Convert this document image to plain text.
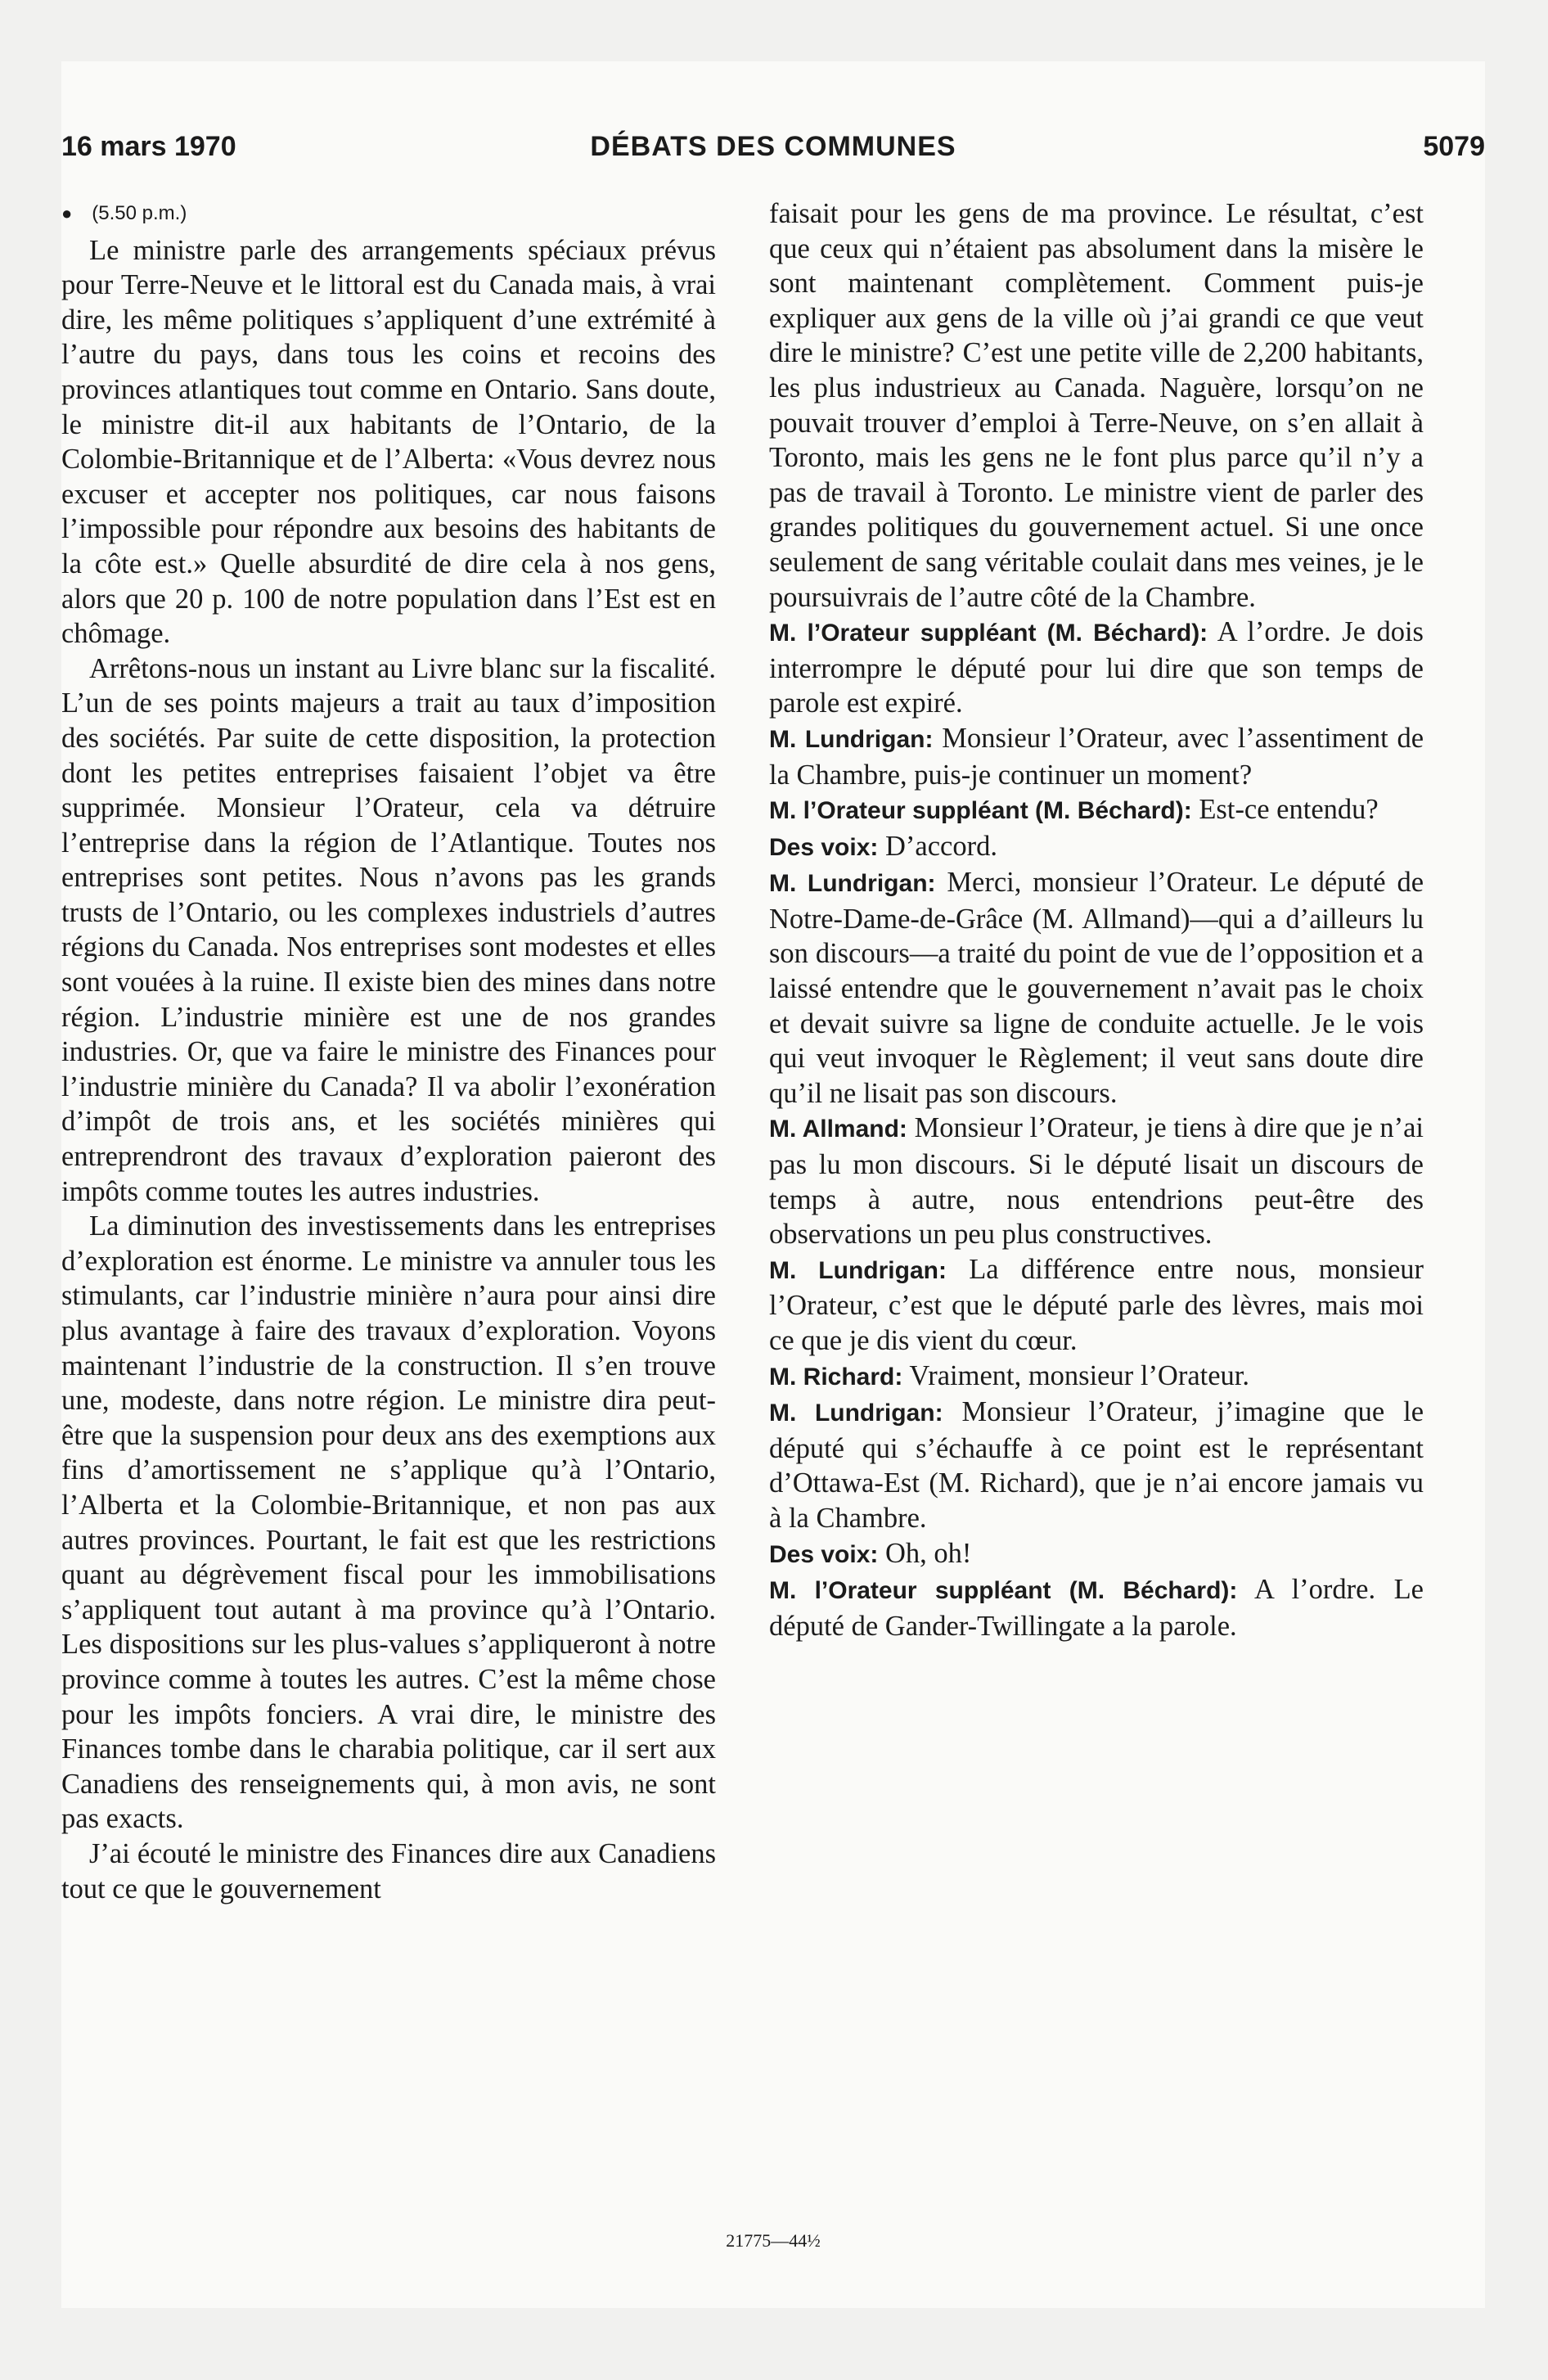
16 mars 1970	DÉBATS DES COMMUNES	5079
● (5.50 p.m.)

Le ministre parle des arrangements spéciaux prévus pour Terre-Neuve et le littoral est du Canada mais, à vrai dire, les même politiques s’appliquent d’une extrémité à l’autre du pays, dans tous les coins et recoins des provinces atlantiques tout comme en Ontario. Sans doute, le ministre dit-il aux habitants de l’Ontario, de la Colombie-Britannique et de l’Alberta: «Vous devrez nous excuser et accepter nos politiques, car nous faisons l’impossible pour répondre aux besoins des habitants de la côte est.» Quelle absurdité de dire cela à nos gens, alors que 20 p. 100 de notre population dans l’Est est en chômage.

Arrêtons-nous un instant au Livre blanc sur la fiscalité. L’un de ses points majeurs a trait au taux d’imposition des sociétés. Par suite de cette disposition, la protection dont les petites entreprises faisaient l’objet va être supprimée. Monsieur l’Orateur, cela va détruire l’entreprise dans la région de l’Atlantique. Toutes nos entreprises sont petites. Nous n’avons pas les grands trusts de l’Ontario, ou les complexes industriels d’autres régions du Canada. Nos entreprises sont modestes et elles sont vouées à la ruine. Il existe bien des mines dans notre région. L’industrie minière est une de nos grandes industries. Or, que va faire le ministre des Finances pour l’industrie minière du Canada? Il va abolir l’exonération d’impôt de trois ans, et les sociétés minières qui entreprendront des travaux d’exploration paieront des impôts comme toutes les autres industries.

La diminution des investissements dans les entreprises d’exploration est énorme. Le ministre va annuler tous les stimulants, car l’industrie minière n’aura pour ainsi dire plus avantage à faire des travaux d’exploration. Voyons maintenant l’industrie de la construction. Il s’en trouve une, modeste, dans notre région. Le ministre dira peut-être que la suspension pour deux ans des exemptions aux fins d’amortissement ne s’applique qu’à l’Ontario, l’Alberta et la Colombie-Britannique, et non pas aux autres provinces. Pourtant, le fait est que les restrictions quant au dégrèvement fiscal pour les immobilisations s’appliquent tout autant à ma province qu’à l’Ontario. Les dispositions sur les plus-values s’appliqueront à notre province comme à toutes les autres. C’est la même chose pour les impôts fonciers. A vrai dire, le ministre des Finances tombe dans le charabia politique, car il sert aux Canadiens des renseignements qui, à mon avis, ne sont pas exacts.

J’ai écouté le ministre des Finances dire aux Canadiens tout ce que le gouvernement

faisait pour les gens de ma province. Le résultat, c’est que ceux qui n’étaient pas absolument dans la misère le sont maintenant complètement. Comment puis-je expliquer aux gens de la ville où j’ai grandi ce que veut dire le ministre? C’est une petite ville de 2,200 habitants, les plus industrieux au Canada. Naguère, lorsqu’on ne pouvait trouver d’emploi à Terre-Neuve, on s’en allait à Toronto, mais les gens ne le font plus parce qu’il n’y a pas de travail à Toronto. Le ministre vient de parler des grandes politiques du gouvernement actuel. Si une once seulement de sang véritable coulait dans mes veines, je le poursuivrais de l’autre côté de la Chambre.

M. l’Orateur suppléant (M. Béchard): A l’ordre. Je dois interrompre le député pour lui dire que son temps de parole est expiré.

M. Lundrigan: Monsieur l’Orateur, avec l’assentiment de la Chambre, puis-je continuer un moment?

M. l’Orateur suppléant (M. Béchard): Est-ce entendu?

Des voix: D’accord.

M. Lundrigan: Merci, monsieur l’Orateur. Le député de Notre-Dame-de-Grâce (M. Allmand)—qui a d’ailleurs lu son discours—a traité du point de vue de l’opposition et a laissé entendre que le gouvernement n’avait pas le choix et devait suivre sa ligne de conduite actuelle. Je le vois qui veut invoquer le Règlement; il veut sans doute dire qu’il ne lisait pas son discours.

M. Allmand: Monsieur l’Orateur, je tiens à dire que je n’ai pas lu mon discours. Si le député lisait un discours de temps à autre, nous entendrions peut-être des observations un peu plus constructives.

M. Lundrigan: La différence entre nous, monsieur l’Orateur, c’est que le député parle des lèvres, mais moi ce que je dis vient du cœur.

M. Richard: Vraiment, monsieur l’Orateur.

M. Lundrigan: Monsieur l’Orateur, j’imagine que le député qui s’échauffe à ce point est le représentant d’Ottawa-Est (M. Richard), que je n’ai encore jamais vu à la Chambre.

Des voix: Oh, oh!

M. l’Orateur suppléant (M. Béchard): A l’ordre. Le député de Gander-Twillingate a la parole.

21775—44½
